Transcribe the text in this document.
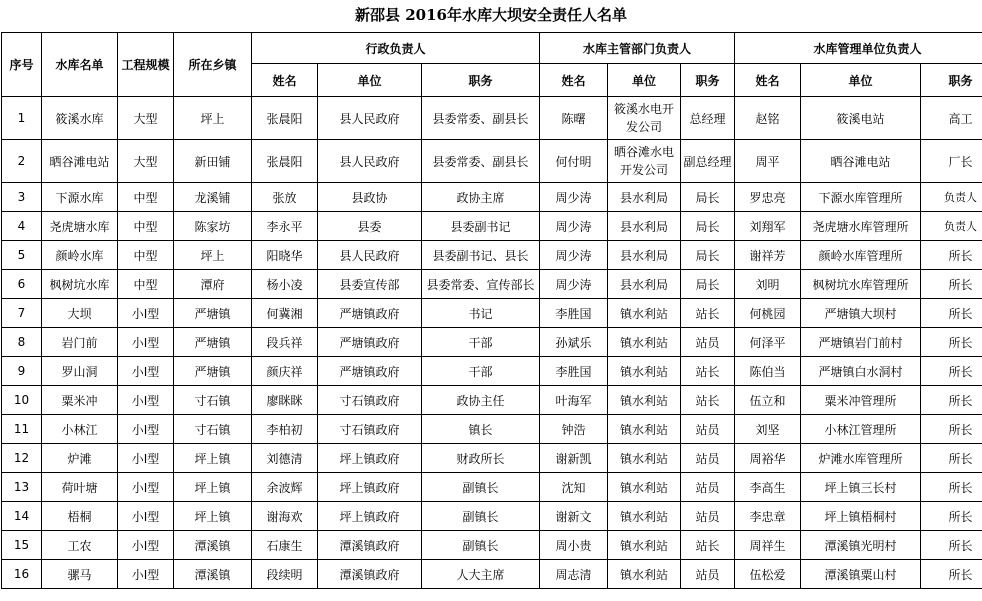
新邵县 2016年水库大坝安全责任人名单
序号	水库名单	工程规模	所在乡镇	行政负责人			水库主管部门负责人			水库管理单位负责人		
				姓名	单位	职务	姓名	单位	职务	姓名	单位	职务
1	筱溪水库	大型	坪上	张晨阳	县人民政府	县委常委、副县长	陈曙	筱溪水电开发公司	总经理	赵铭	筱溪电站	高工
2	晒谷滩电站	大型	新田铺	张晨阳	县人民政府	县委常委、副县长	何付明	晒谷滩水电开发公司	副总经理	周平	晒谷滩电站	厂长
3	下源水库	中型	龙溪铺	张放	县政协	政协主席	周少涛	县水利局	局长	罗忠亮	下源水库管理所	负责人
4	尧虎塘水库	中型	陈家坊	李永平	县委	县委副书记	周少涛	县水利局	局长	刘翔军	尧虎塘水库管理所	负责人
5	颜岭水库	中型	坪上	阳晓华	县人民政府	县委副书记、县长	周少涛	县水利局	局长	谢祥芳	颜岭水库管理所	所长
6	枫树坑水库	中型	潭府	杨小凌	县委宣传部	县委常委、宣传部长	周少涛	县水利局	局长	刘明	枫树坑水库管理所	所长
7	大坝	小Ⅰ型	严塘镇	何冀湘	严塘镇政府	书记	李胜国	镇水利站	站长	何桃园	严塘镇大坝村	所长
8	岩门前	小Ⅰ型	严塘镇	段兵祥	严塘镇政府	干部	孙斌乐	镇水利站	站员	何泽平	严塘镇岩门前村	所长
9	罗山洞	小Ⅰ型	严塘镇	颜庆祥	严塘镇政府	干部	李胜国	镇水利站	站长	陈伯当	严塘镇白水洞村	所长
10	粟米冲	小Ⅰ型	寸石镇	廖眯眯	寸石镇政府	政协主任	叶海军	镇水利站	站长	伍立和	粟米冲管理所	所长
11	小林江	小Ⅰ型	寸石镇	李柏初	寸石镇政府	镇长	钟浩	镇水利站	站员	刘坚	小林江管理所	所长
12	炉滩	小Ⅰ型	坪上镇	刘德清	坪上镇政府	财政所长	谢新凯	镇水利站	站员	周裕华	炉滩水库管理所	所长
13	荷叶塘	小Ⅰ型	坪上镇	余波辉	坪上镇政府	副镇长	沈知	镇水利站	站员	李高生	坪上镇三长村	所长
14	梧桐	小Ⅰ型	坪上镇	谢海欢	坪上镇政府	副镇长	谢新文	镇水利站	站员	李忠章	坪上镇梧桐村	所长
15	工农	小Ⅰ型	潭溪镇	石康生	潭溪镇政府	副镇长	周小贵	镇水利站	站长	周祥生	潭溪镇光明村	所长
16	骡马	小Ⅰ型	潭溪镇	段续明	潭溪镇政府	人大主席	周志清	镇水利站	站员	伍松爱	潭溪镇粟山村	所长
